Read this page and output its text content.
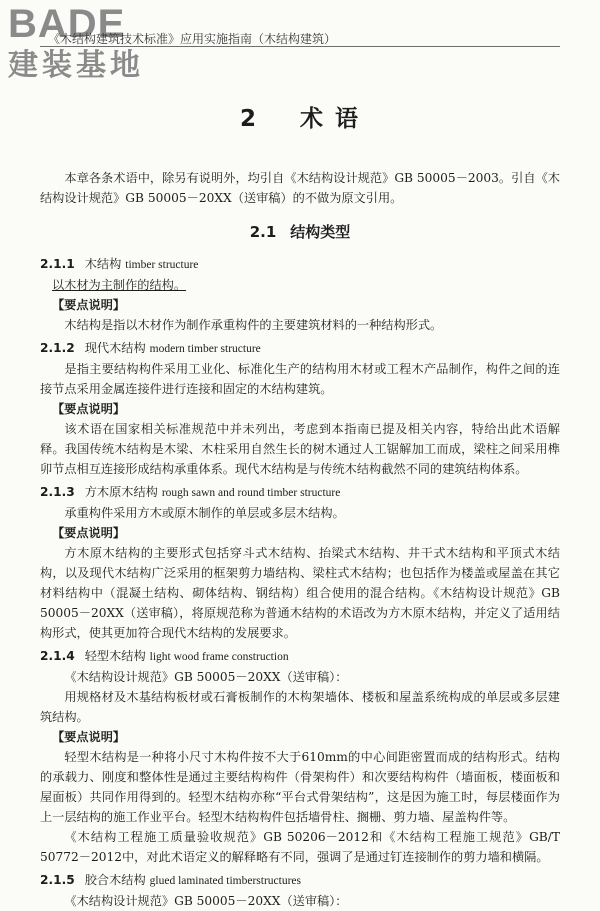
BADE
建装基地
《木结构建筑技术标准》应用实施指南（木结构建筑）
2 术 语

本章各条术语中，除另有说明外，均引自《木结构设计规范》GB 50005－2003。引自《木结构设计规范》GB 50005－20XX（送审稿）的不做为原文引用。

2.1 结构类型

2.1.1 木结构 timber structure

以木材为主制作的结构。

【要点说明】

木结构是指以木材作为制作承重构件的主要建筑材料的一种结构形式。

2.1.2 现代木结构 modern timber structure

是指主要结构构件采用工业化、标准化生产的结构用木材或工程木产品制作，构件之间的连接节点采用金属连接件进行连接和固定的木结构建筑。

【要点说明】

该术语在国家相关标准规范中并未列出，考虑到本指南已提及相关内容，特给出此术语解释。我国传统木结构是木梁、木柱采用自然生长的树木通过人工锯解加工而成，梁柱之间采用榫卯节点相互连接形成结构承重体系。现代木结构是与传统木结构截然不同的建筑结构体系。

2.1.3 方木原木结构 rough sawn and round timber structure

承重构件采用方木或原木制作的单层或多层木结构。

【要点说明】

方木原木结构的主要形式包括穿斗式木结构、抬梁式木结构、井干式木结构和平顶式木结构，以及现代木结构广泛采用的框架剪力墙结构、梁柱式木结构；也包括作为楼盖或屋盖在其它材料结构中（混凝土结构、砌体结构、钢结构）组合使用的混合结构。《木结构设计规范》GB 50005－20XX（送审稿），将原规范称为普通木结构的术语改为方木原木结构，并定义了适用结构形式，使其更加符合现代木结构的发展要求。

2.1.4 轻型木结构 light wood frame construction

《木结构设计规范》GB 50005－20XX（送审稿）：

用规格材及木基结构板材或石膏板制作的木构架墙体、楼板和屋盖系统构成的单层或多层建筑结构。

【要点说明】

轻型木结构是一种将小尺寸木构件按不大于610mm的中心间距密置而成的结构形式。结构的承载力、刚度和整体性是通过主要结构构件（骨架构件）和次要结构构件（墙面板，楼面板和屋面板）共同作用得到的。轻型木结构亦称“平台式骨架结构”，这是因为施工时，每层楼面作为上一层结构的施工作业平台。轻型木结构构件包括墙骨柱、搁栅、剪力墙、屋盖构件等。

《木结构工程施工质量验收规范》GB 50206－2012和《木结构工程施工规范》GB/T 50772－2012中，对此术语定义的解释略有不同，强调了是通过钉连接制作的剪力墙和横隔。

2.1.5 胶合木结构 glued laminated timberstructures

《木结构设计规范》GB 50005－20XX（送审稿）：
